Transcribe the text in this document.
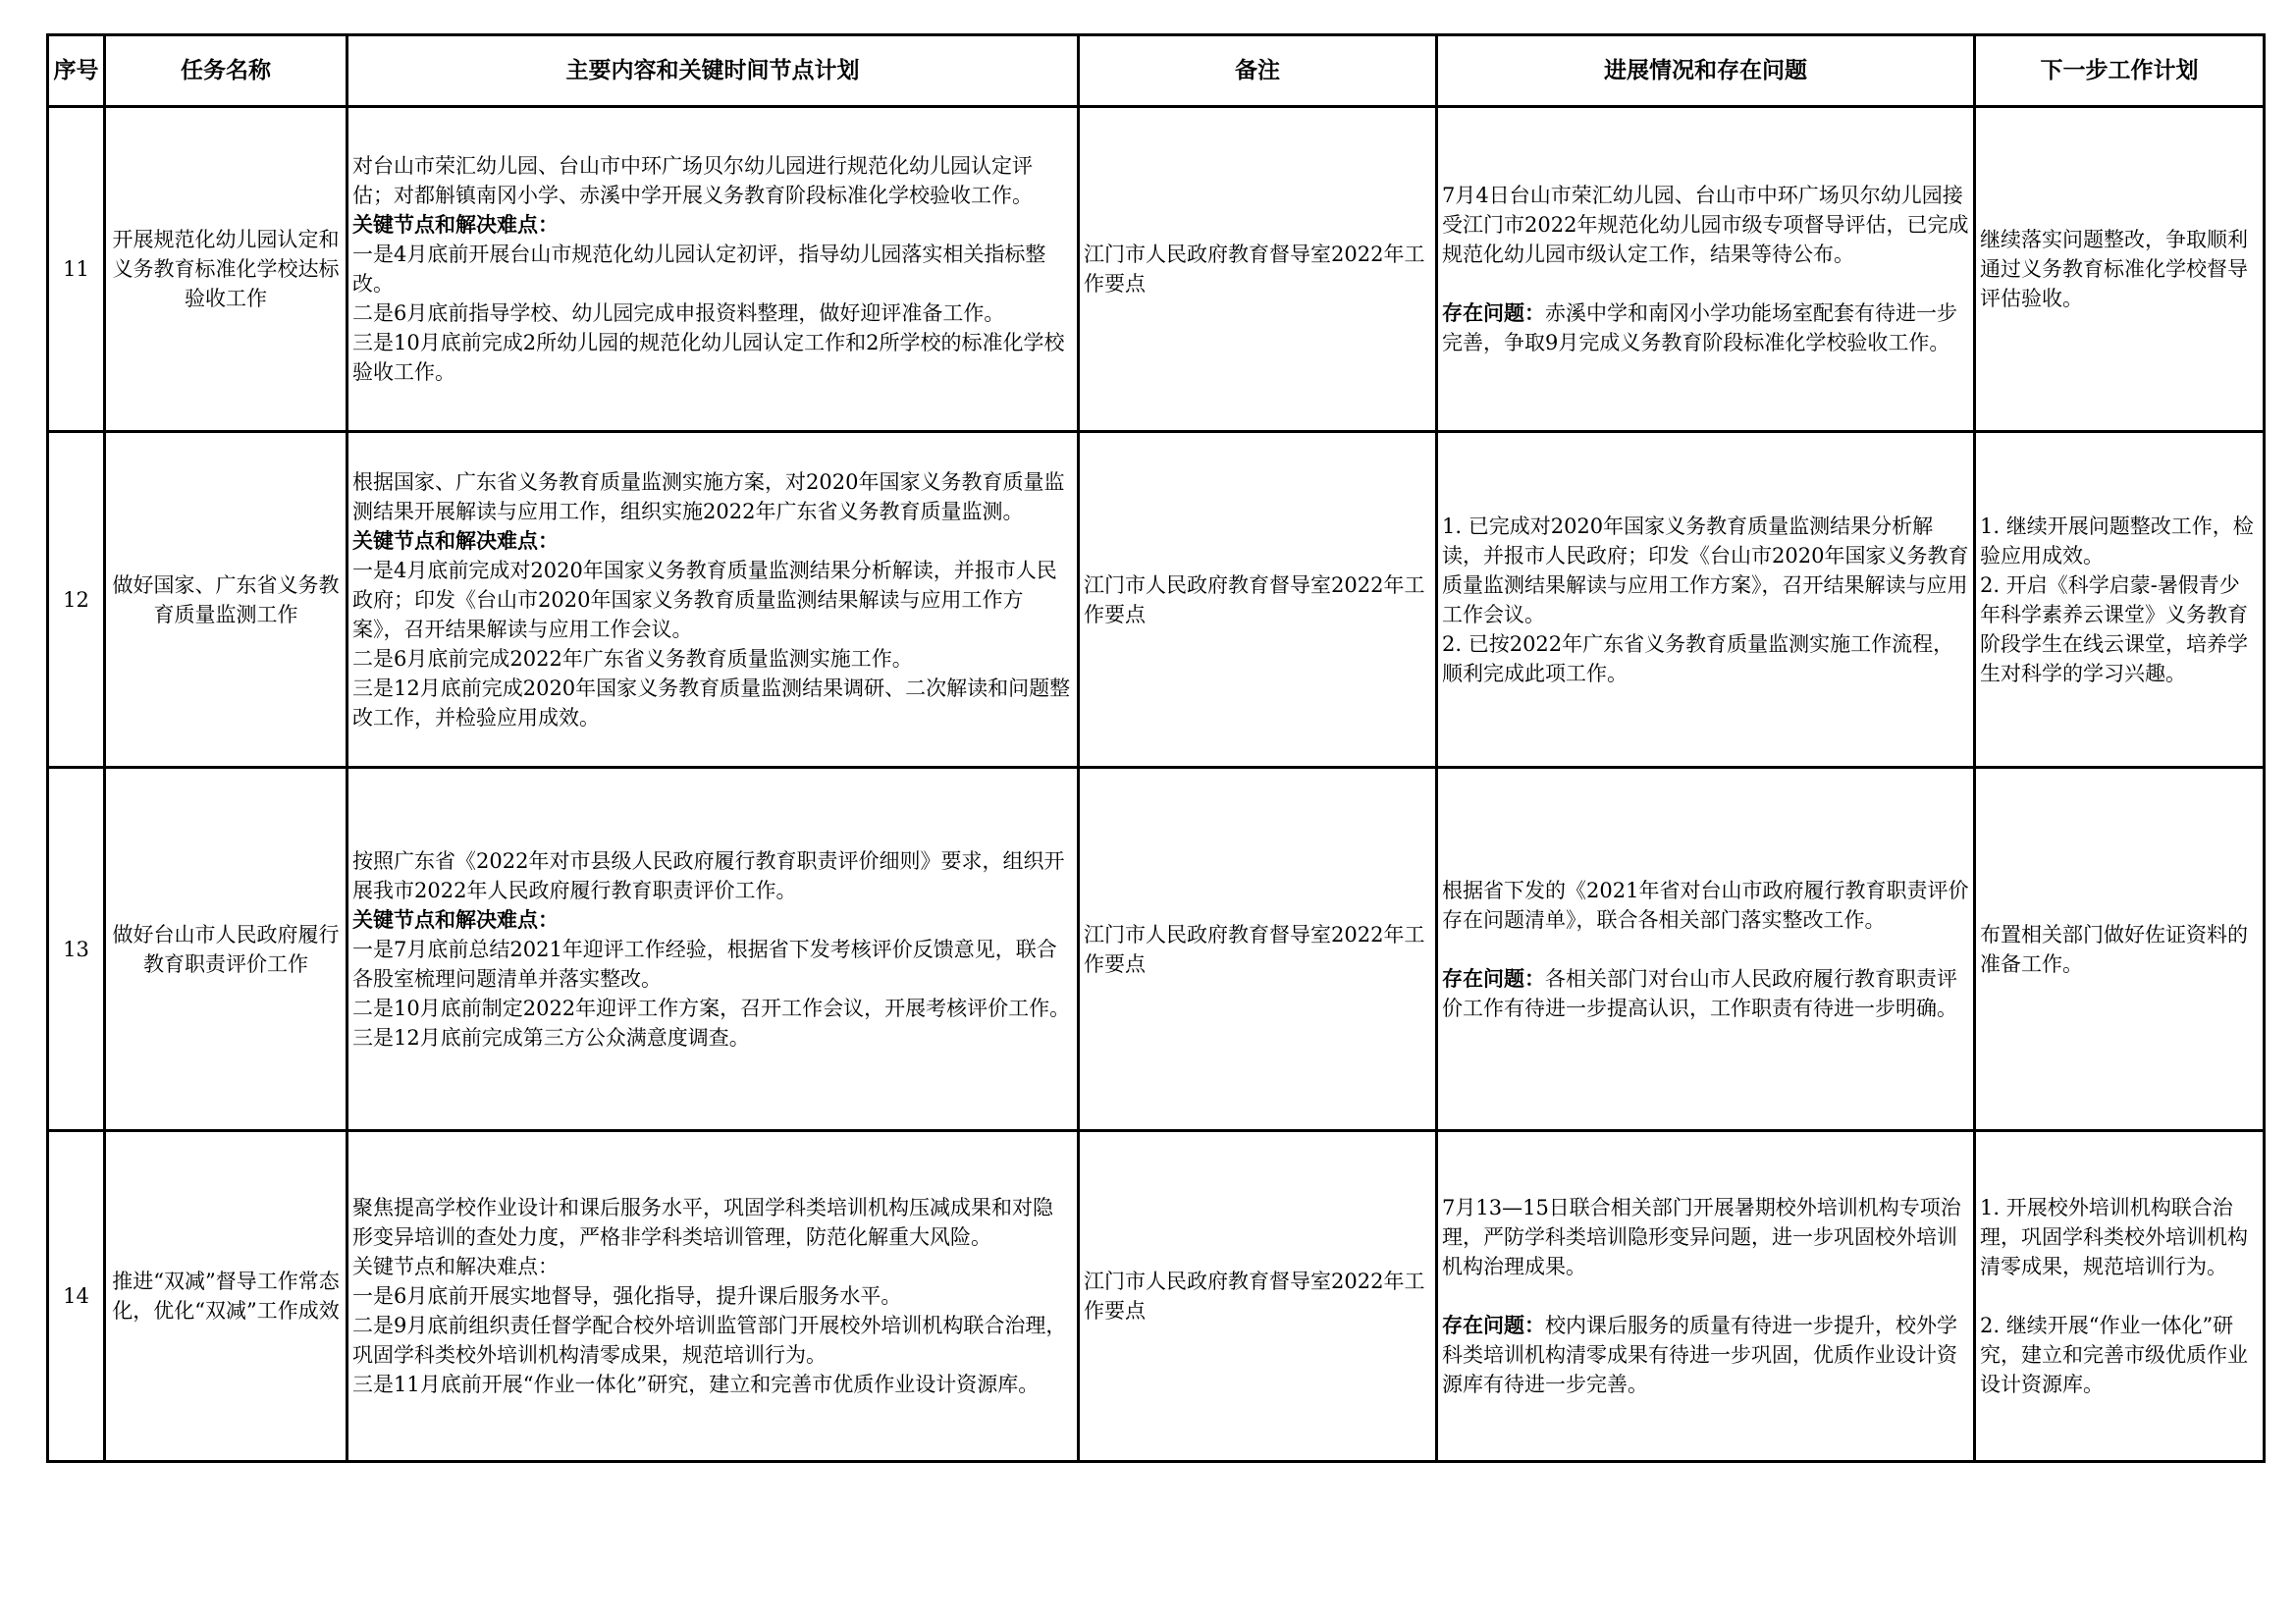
序号	任务名称	主要内容和关键时间节点计划	备注	进展情况和存在问题	下一步工作计划
11	开展规范化幼儿园认定和义务教育标准化学校达标验收工作	对台山市荣汇幼儿园、台山市中环广场贝尔幼儿园进行规范化幼儿园认定评估；对都斛镇南冈小学、赤溪中学开展义务教育阶段标准化学校验收工作。
关键节点和解决难点：
一是4月底前开展台山市规范化幼儿园认定初评，指导幼儿园落实相关指标整改。
二是6月底前指导学校、幼儿园完成申报资料整理，做好迎评准备工作。
三是10月底前完成2所幼儿园的规范化幼儿园认定工作和2所学校的标准化学校验收工作。	江门市人民政府教育督导室2022年工作要点	7月4日台山市荣汇幼儿园、台山市中环广场贝尔幼儿园接受江门市2022年规范化幼儿园市级专项督导评估，已完成规范化幼儿园市级认定工作，结果等待公布。
存在问题：赤溪中学和南冈小学功能场室配套有待进一步完善，争取9月完成义务教育阶段标准化学校验收工作。	继续落实问题整改，争取顺利通过义务教育标准化学校督导评估验收。

12	做好国家、广东省义务教育质量监测工作	根据国家、广东省义务教育质量监测实施方案，对2020年国家义务教育质量监测结果开展解读与应用工作，组织实施2022年广东省义务教育质量监测。
关键节点和解决难点：
一是4月底前完成对2020年国家义务教育质量监测结果分析解读，并报市人民政府；印发《台山市2020年国家义务教育质量监测结果解读与应用工作方案》，召开结果解读与应用工作会议。
二是6月底前完成2022年广东省义务教育质量监测实施工作。
三是12月底前完成2020年国家义务教育质量监测结果调研、二次解读和问题整改工作，并检验应用成效。	江门市人民政府教育督导室2022年工作要点	1. 已完成对2020年国家义务教育质量监测结果分析解读，并报市人民政府；印发《台山市2020年国家义务教育质量监测结果解读与应用工作方案》，召开结果解读与应用工作会议。
2. 已按2022年广东省义务教育质量监测实施工作流程，顺利完成此项工作。	1. 继续开展问题整改工作，检验应用成效。
2. 开启《科学启蒙-暑假青少年科学素养云课堂》义务教育阶段学生在线云课堂，培养学生对科学的学习兴趣。

13	做好台山市人民政府履行教育职责评价工作	按照广东省《2022年对市县级人民政府履行教育职责评价细则》要求，组织开展我市2022年人民政府履行教育职责评价工作。
关键节点和解决难点：
一是7月底前总结2021年迎评工作经验，根据省下发考核评价反馈意见，联合各股室梳理问题清单并落实整改。
二是10月底前制定2022年迎评工作方案，召开工作会议，开展考核评价工作。
三是12月底前完成第三方公众满意度调查。	江门市人民政府教育督导室2022年工作要点	根据省下发的《2021年省对台山市政府履行教育职责评价存在问题清单》，联合各相关部门落实整改工作。
存在问题：各相关部门对台山市人民政府履行教育职责评价工作有待进一步提高认识，工作职责有待进一步明确。	布置相关部门做好佐证资料的准备工作。

14	推进“双减”督导工作常态化，优化“双减”工作成效	聚焦提高学校作业设计和课后服务水平，巩固学科类培训机构压减成果和对隐形变异培训的查处力度，严格非学科类培训管理，防范化解重大风险。
关键节点和解决难点：
一是6月底前开展实地督导，强化指导，提升课后服务水平。
二是9月底前组织责任督学配合校外培训监管部门开展校外培训机构联合治理，巩固学科类校外培训机构清零成果，规范培训行为。
三是11月底前开展“作业一体化”研究，建立和完善市优质作业设计资源库。	江门市人民政府教育督导室2022年工作要点	7月13—15日联合相关部门开展暑期校外培训机构专项治理，严防学科类培训隐形变异问题，进一步巩固校外培训机构治理成果。
存在问题：校内课后服务的质量有待进一步提升，校外学科类培训机构清零成果有待进一步巩固，优质作业设计资源库有待进一步完善。	1. 开展校外培训机构联合治理，巩固学科类校外培训机构清零成果，规范培训行为。
2. 继续开展“作业一体化”研究，建立和完善市级优质作业设计资源库。
